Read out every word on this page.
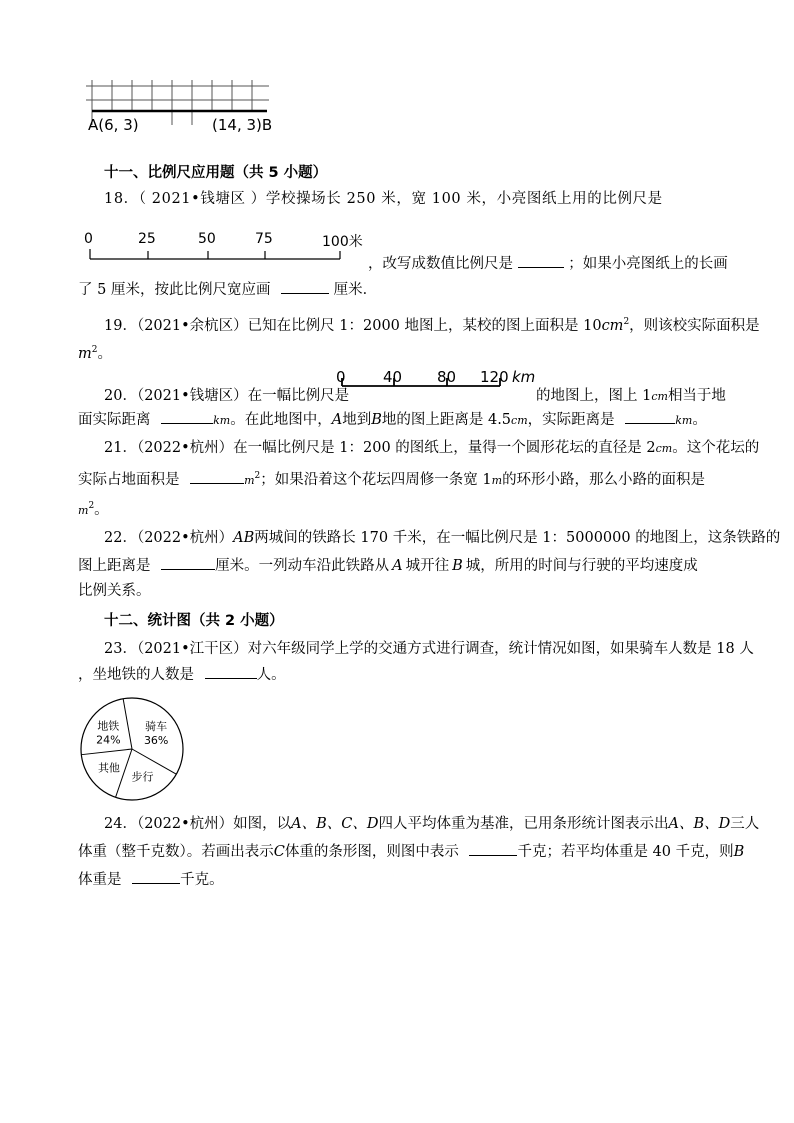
A(6, 3)	(14, 3)B
十一、比例尺应用题（共 5 小题）
18．（ 2021•钱塘区 ）学校操场长 250 米，宽 100 米，小亮图纸上用的比例尺是
0	25	50	75	100米
，改写成数值比例尺是	；如果小亮图纸上的长画
了 5 厘米，按此比例尺宽应画	厘米．
19．（2021•余杭区）已知在比例尺 1：2000 地图上，某校的图上面积是 $10cm^2$，则该校实际面积是
$m^2$。
20．（2021•钱塘区）在一幅比例尺是
0 40 80 120 km
的地图上，图上 1cm相当于地
面实际距离	km。在此地图中，A地到B地的图上距离是 4.5cm，实际距离是	km。
21．（2022•杭州）在一幅比例尺是 1：200 的图纸上，量得一个圆形花坛的直径是 2cm。这个花坛的
实际占地面积是	$m^2$；如果沿着这个花坛四周修一条宽 1m的环形小路，那么小路的面积是
$m^2$。
22．（2022•杭州）AB两城间的铁路长 170 千米，在一幅比例尺是 1：5000000 的地图上，这条铁路的
图上距离是	厘米。一列动车沿此铁路从 A 城开往 B 城，所用的时间与行驶的平均速度成
比例关系。
十二、统计图（共 2 小题）
23．（2021•江干区）对六年级同学上学的交通方式进行调查，统计情况如图，如果骑车人数是 18 人
，坐地铁的人数是	人。
骑车
36%
步行
其他
地铁
24%
24．（2022•杭州）如图，以A、B、C、D四人平均体重为基准，已用条形统计图表示出A、B、D三人
体重（整千克数）。若画出表示C体重的条形图，则图中表示	千克；若平均体重是 40 千克，则B
体重是	千克。
